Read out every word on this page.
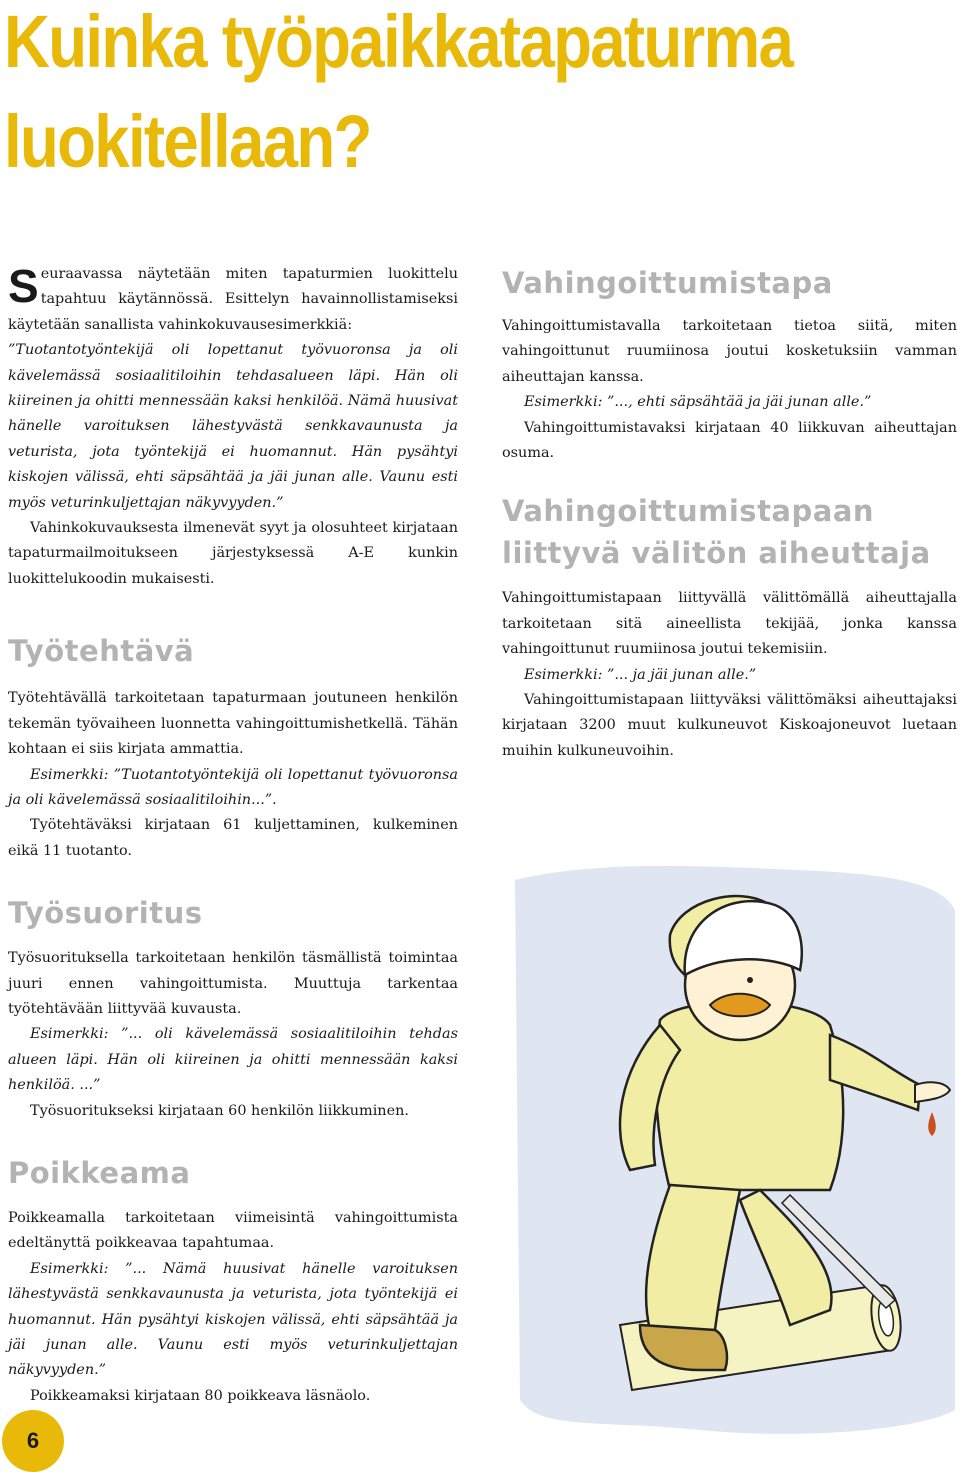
Kuinka työpaikkatapaturma
luokitellaan?
S euraavassa näytetään miten tapaturmien luokittelu tapahtuu käytännössä. Esittelyn havainnollistamiseksi käytetään sanallista vahinkokuvausesimerkkiä:

”Tuotantotyöntekijä oli lopettanut työvuoronsa ja oli kävelemässä sosiaalitiloihin tehdasalueen läpi. Hän oli kiireinen ja ohitti mennessään kaksi henkilöä. Nämä huusivat hänelle varoituksen lähestyvästä senkkavaunusta ja veturista, jota työntekijä ei huomannut. Hän pysähtyi kiskojen välissä, ehti säpsähtää ja jäi junan alle. Vaunu esti myös veturinkuljettajan näkyvyyden.”

Vahinkokuvauksesta ilmenevät syyt ja olosuhteet kirjataan tapaturmailmoitukseen järjestyksessä A-E kunkin luokittelukoodin mukaisesti.

Työtehtävä

Työtehtävällä tarkoitetaan tapaturmaan joutuneen henkilön tekemän työvaiheen luonnetta vahingoittumishetkellä. Tähän kohtaan ei siis kirjata ammattia.

Esimerkki: ”Tuotantotyöntekijä oli lopettanut työvuoronsa ja oli kävelemässä sosiaalitiloihin...”.

Työtehtäväksi kirjataan 61 kuljettaminen, kulkeminen eikä 11 tuotanto.

Työsuoritus

Työsuorituksella tarkoitetaan henkilön täsmällistä toimintaa juuri ennen vahingoittumista. Muuttuja tarkentaa työtehtävään liittyvää kuvausta.

Esimerkki: ”... oli kävelemässä sosiaalitiloihin tehdas alueen läpi. Hän oli kiireinen ja ohitti mennessään kaksi henkilöä. ...”

Työsuoritukseksi kirjataan 60 henkilön liikkuminen.

Poikkeama

Poikkeamalla tarkoitetaan viimeisintä vahingoittumista edeltänyttä poikkeavaa tapahtumaa.

Esimerkki: ”... Nämä huusivat hänelle varoituksen lähestyvästä senkkavaunusta ja veturista, jota työntekijä ei huomannut. Hän pysähtyi kiskojen välissä, ehti säpsähtää ja jäi junan alle. Vaunu esti myös veturinkuljettajan näkyvyyden.”

Poikkeamaksi kirjataan 80 poikkeava läsnäolo.

Vahingoittumistapa

Vahingoittumistavalla tarkoitetaan tietoa siitä, miten vahingoittunut ruumiinosa joutui kosketuksiin vamman aiheuttajan kanssa.

Esimerkki: ”..., ehti säpsähtää ja jäi junan alle.”

Vahingoittumistavaksi kirjataan 40 liikkuvan aiheuttajan osuma.

Vahingoittumistapaan liittyvä välitön aiheuttaja

Vahingoittumistapaan liittyvällä välittömällä aiheuttajalla tarkoitetaan sitä aineellista tekijää, jonka kanssa vahingoittunut ruumiinosa joutui tekemisiin.

Esimerkki: ”... ja jäi junan alle.”

Vahingoittumistapaan liittyväksi välittömäksi aiheuttajaksi kirjataan 3200 muut kulkuneuvot Kiskoajoneuvot luetaan muihin kulkuneuvoihin.

6
